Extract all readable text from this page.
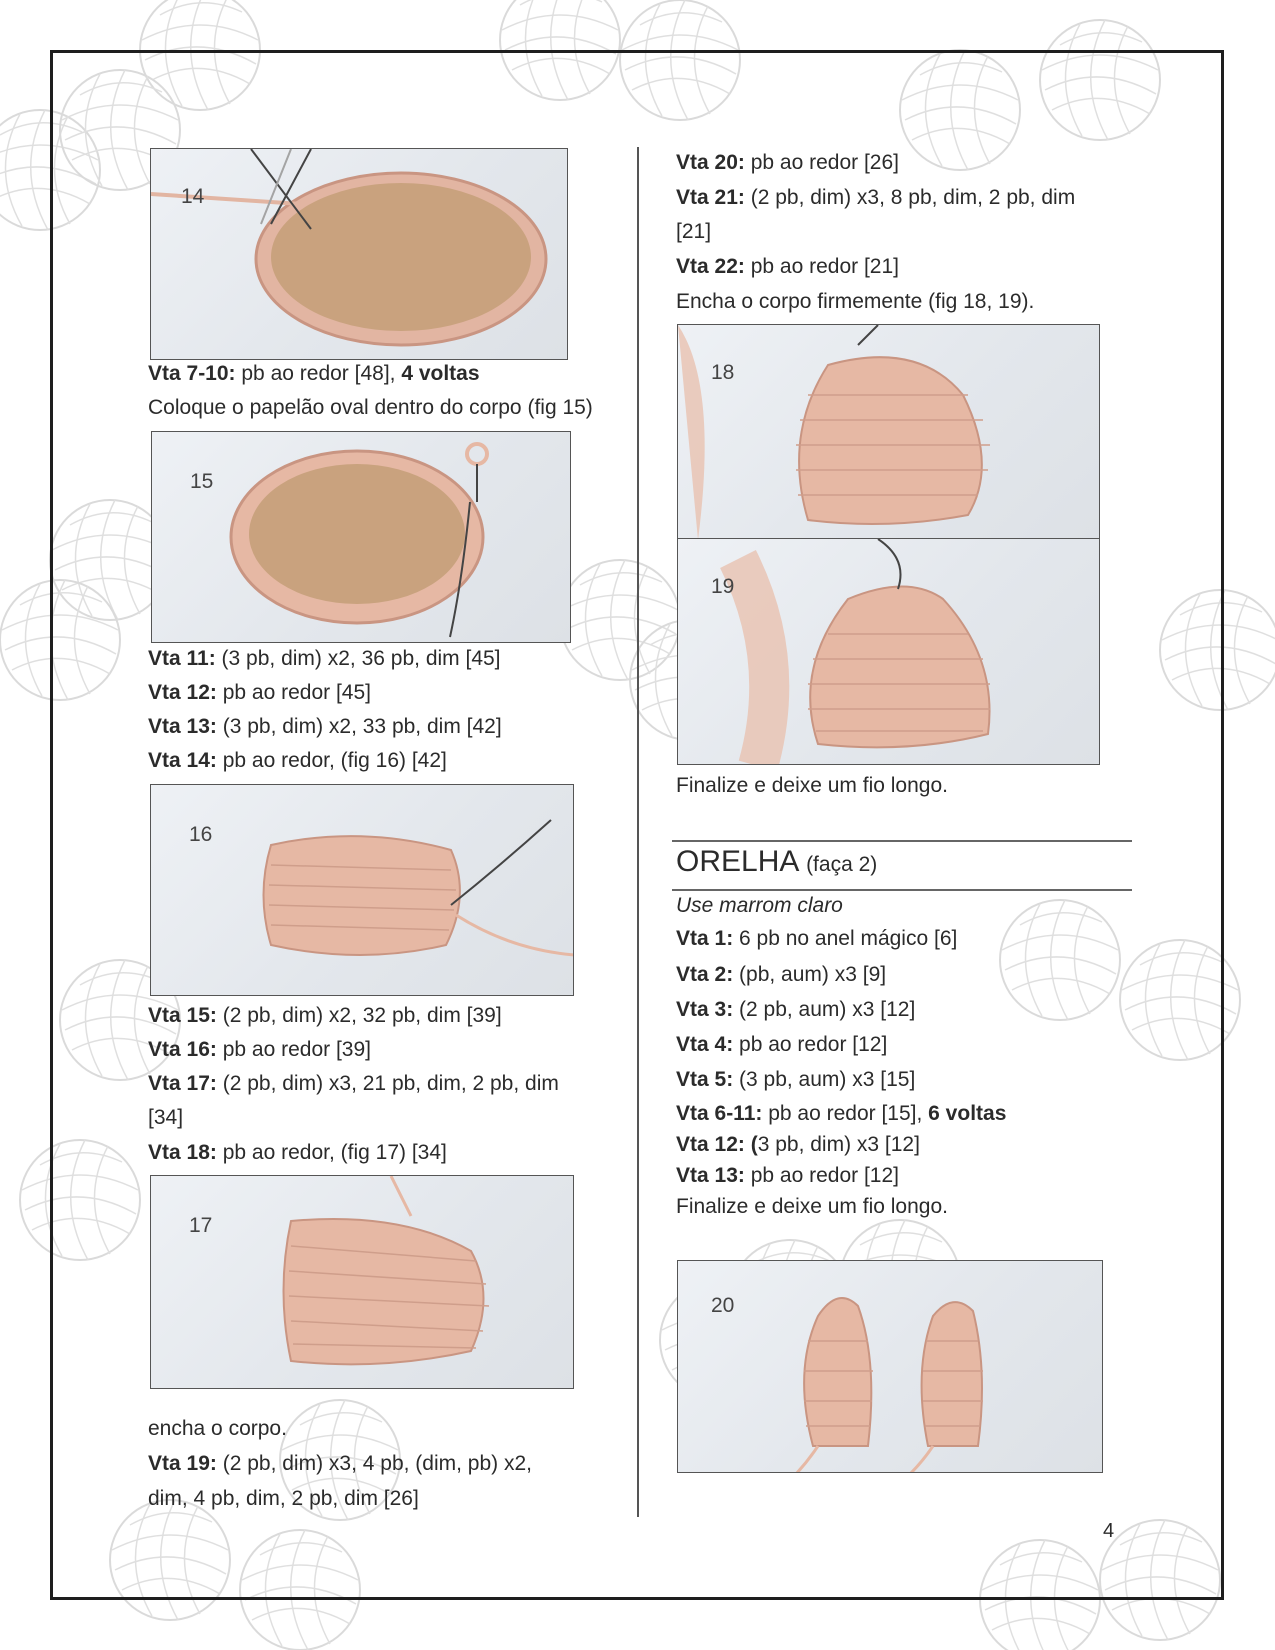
14
Vta 7-10: pb ao redor [48], 4 voltas
Coloque o papelão oval dentro do corpo (fig 15)
15
Vta 11: (3 pb, dim) x2, 36 pb, dim [45]
Vta 12: pb ao redor [45]
Vta 13: (3 pb, dim) x2, 33 pb, dim [42]
Vta 14: pb ao redor, (fig 16) [42]
16
Vta 15: (2 pb, dim) x2, 32 pb, dim [39]
Vta 16: pb ao redor [39]
Vta 17: (2 pb, dim) x3, 21 pb, dim, 2 pb, dim
[34]
Vta 18: pb ao redor, (fig 17) [34]
17
encha o corpo.
Vta 19: (2 pb, dim) x3, 4 pb, (dim, pb) x2,
dim, 4 pb, dim, 2 pb, dim [26]
Vta 20: pb ao redor [26]
Vta 21: (2 pb, dim) x3, 8 pb, dim, 2 pb, dim
[21]
Vta 22: pb ao redor [21]
Encha o corpo firmemente (fig 18, 19).
18
19
Finalize e deixe um fio longo.
ORELHA (faça 2)
Use marrom claro
Vta 1: 6 pb no anel mágico [6]
Vta 2: (pb, aum) x3 [9]
Vta 3: (2 pb, aum) x3 [12]
Vta 4: pb ao redor [12]
Vta 5: (3 pb, aum) x3 [15]
Vta 6-11: pb ao redor [15], 6 voltas
Vta 12: (3 pb, dim) x3 [12]
Vta 13: pb ao redor [12]
Finalize e deixe um fio longo.
20
4
